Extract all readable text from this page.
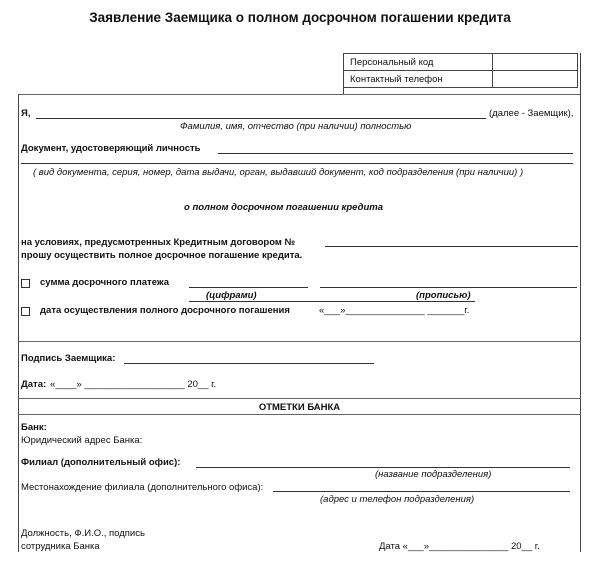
Заявление Заемщика о полном досрочном погашении кредита
Персональный код	
Контактный телефон	
Я,	(далее - Заемщик),
Фамилия, имя, отчество (при наличии) полностью
Документ, удостоверяющий личность
( вид документа, серия, номер, дата выдачи, орган, выдавший документ, код подразделения (при наличии) )
о полном досрочном погашении кредита
на условиях, предусмотренных Кредитным договором №
прошу осуществить полное досрочное погашение кредита.
сумма досрочного платежа
(цифрами)	(прописью)
дата осуществления полного досрочного погашения	«___»_______________ _______г.
Подпись Заемщика:
Дата: «____» ___________________ 20__ г.
ОТМЕТКИ БАНКА
Банк:
Юридический адрес Банка:
Филиал (дополнительный офис):
(название подразделения)
Местонахождение филиала (дополнительного офиса):
(адрес и телефон подразделения)
Должность, Ф.И.О., подпись
сотрудника Банка	Дата «___»_______________ 20__ г.
